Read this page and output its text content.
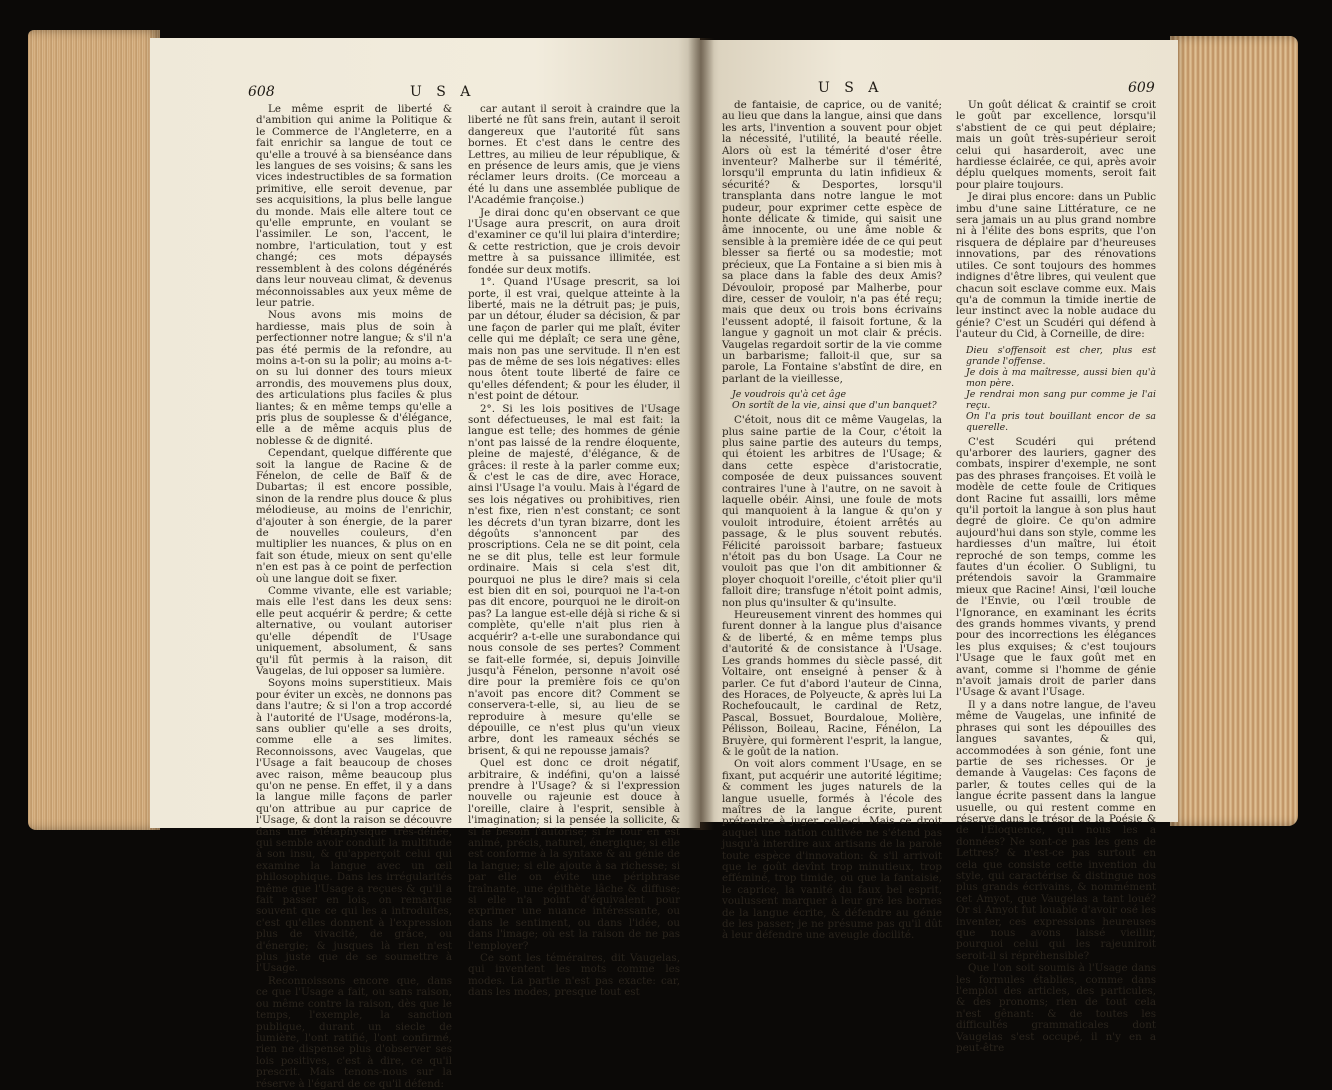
608	U S A

Le même esprit de liberté & d'ambition qui anime la Politique & le Commerce de l'Angleterre, en a fait enrichir sa langue de tout ce qu'elle a trouvé à sa bienséance dans les langues de ses voisins; & sans les vices indestructibles de sa formation primitive, elle seroit devenue, par ses acquisitions, la plus belle langue du monde. Mais elle altere tout ce qu'elle emprunte, en voulant se l'assimiler. Le son, l'accent, le nombre, l'articulation, tout y est changé; ces mots dépaysés ressemblent à des colons dégénérés dans leur nouveau climat, & devenus méconnoissables aux yeux même de leur patrie.

Nous avons mis moins de hardiesse, mais plus de soin à perfectionner notre langue; & s'il n'a pas été permis de la refondre, au moins a-t-on su la polir; au moins a-t-on su lui donner des tours mieux arrondis, des mouvemens plus doux, des articulations plus faciles & plus liantes; & en même temps qu'elle a pris plus de souplesse & d'élégance, elle a de même acquis plus de noblesse & de dignité.

Cependant, quelque différente que soit la langue de Racine & de Fénelon, de celle de Baïf & de Dubartas; il est encore possible, sinon de la rendre plus douce & plus mélodieuse, au moins de l'enrichir, d'ajouter à son énergie, de la parer de nouvelles couleurs, d'en multiplier les nuances, & plus on en fait son étude, mieux on sent qu'elle n'en est pas à ce point de perfection où une langue doit se fixer.

Comme vivante, elle est variable; mais elle l'est dans les deux sens: elle peut acquérir & perdre; & cette alternative, ou voulant autoriser qu'elle dépendît de l'Usage uniquement, absolument, & sans qu'il fût permis à la raison, dit Vaugelas, de lui opposer sa lumière.

Soyons moins superstitieux. Mais pour éviter un excès, ne donnons pas dans l'autre; & si l'on a trop accordé à l'autorité de l'Usage, modérons-la, sans oublier qu'elle a ses droits, comme elle a ses limites. Reconnoissons, avec Vaugelas, que l'Usage a fait beaucoup de choses avec raison, même beaucoup plus qu'on ne pense. En effet, il y a dans la langue mille façons de parler qu'on attribue au pur caprice de l'Usage, & dont la raison se découvre dans une Métaphysique très-déliée, qui semble avoir conduit la multitude à son insu, & qu'apperçoit celui qui examine la langue avec un œil philosophique. Dans les irrégularités même que l'Usage a reçues & qu'il a fait passer en lois, on remarque souvent que ce qui les a introduites, c'est qu'elles donnent à l'expression plus de vivacité, de grâce, ou d'énergie; & jusques là rien n'est plus juste que de se soumettre à l'Usage.

Reconnoissons encore que, dans ce que l'Usage a fait, ou sans raison, ou même contre la raison, dès que le temps, l'exemple, la sanction publique, durant un siecle de lumière, l'ont ratifié, l'ont confirmé, rien ne dispense plus d'observer ses lois positives, c'est à dire, ce qu'il prescrit. Mais tenons-nous sur la réserve à l'égard de ce qu'il défend:

car autant il seroit à craindre que la liberté ne fût sans frein, autant il seroit dangereux que l'autorité fût sans bornes. Et c'est dans le centre des Lettres, au milieu de leur république, & en présence de leurs amis, que je viens réclamer leurs droits. (Ce morceau a été lu dans une assemblée publique de l'Académie françoise.)

Je dirai donc qu'en observant ce que l'Usage aura prescrit, on aura droit d'examiner ce qu'il lui plaira d'interdire; & cette restriction, que je crois devoir mettre à sa puissance illimitée, est fondée sur deux motifs.

1°. Quand l'Usage prescrit, sa loi porte, il est vrai, quelque atteinte à la liberté, mais ne la détruit pas; je puis, par un détour, éluder sa décision, & par une façon de parler qui me plaît, éviter celle qui me déplaît; ce sera une gêne, mais non pas une servitude. Il n'en est pas de même de ses lois négatives: elles nous ôtent toute liberté de faire ce qu'elles défendent; & pour les éluder, il n'est point de détour.

2°. Si les lois positives de l'Usage sont défectueuses, le mal est fait: la langue est telle; des hommes de génie n'ont pas laissé de la rendre éloquente, pleine de majesté, d'élégance, & de grâces: il reste à la parler comme eux; & c'est le cas de dire, avec Horace, ainsi l'Usage l'a voulu. Mais à l'égard de ses lois négatives ou prohibitives, rien n'est fixe, rien n'est constant; ce sont les décrets d'un tyran bizarre, dont les dégoûts s'annoncent par des proscriptions. Cela ne se dit point, cela ne se dit plus, telle est leur formule ordinaire. Mais si cela s'est dit, pourquoi ne plus le dire? mais si cela est bien dit en soi, pourquoi ne l'a-t-on pas dit encore, pourquoi ne le diroit-on pas? La langue est-elle déjà si riche & si complète, qu'elle n'ait plus rien à acquérir? a-t-elle une surabondance qui nous console de ses pertes? Comment se fait-elle formée, si, depuis Joinville jusqu'à Fénelon, personne n'avoit osé dire pour la première fois ce qu'on n'avoit pas encore dit? Comment se conservera-t-elle, si, au lieu de se reproduire à mesure qu'elle se dépouille, ce n'est plus qu'un vieux arbre, dont les rameaux séchés se brisent, & qui ne repousse jamais?

Quel est donc ce droit négatif, arbitraire, & indéfini, qu'on a laissé prendre à l'Usage? & si l'expression nouvelle ou rajeunie est douce à l'oreille, claire à l'esprit, sensible à l'imagination; si la pensée la sollicite, & si le besoin l'autorise; si le tour en est animé, précis, naturel, énergique; si elle est conforme à la syntaxe & au génie de la langue; si elle ajoute à sa richesse; si par elle on évite une périphrase traînante, une épithète lâche & diffuse; si elle n'a point d'équivalent pour exprimer une nuance intéressante, ou dans le sentiment, ou dans l'idée, ou dans l'image; où est la raison de ne pas l'employer?

Ce sont les téméraires, dit Vaugelas, qui inventent les mots comme les modes. La partie n'est pas exacte: car, dans les modes, presque tout est

U S A	609

de fantaisie, de caprice, ou de vanité; au lieu que dans la langue, ainsi que dans les arts, l'invention a souvent pour objet la nécessité, l'utilité, la beauté réelle. Alors où est la témérité d'oser être inventeur? Malherbe sur il témérité, lorsqu'il emprunta du latin infidieux & sécurité? & Desportes, lorsqu'il transplanta dans notre langue le mot pudeur, pour exprimer cette espèce de honte délicate & timide, qui saisit une âme innocente, ou une âme noble & sensible à la première idée de ce qui peut blesser sa fierté ou sa modestie; mot précieux, que La Fontaine a si bien mis à sa place dans la fable des deux Amis? Dévouloir, proposé par Malherbe, pour dire, cesser de vouloir, n'a pas été reçu; mais que deux ou trois bons écrivains l'eussent adopté, il faisoit fortune, & la langue y gagnoit un mot clair & précis. Vaugelas regardoit sortir de la vie comme un barbarisme; falloit-il que, sur sa parole, La Fontaine s'abstînt de dire, en parlant de la vieillesse,

Je voudrois qu'à cet âge

On sortît de la vie, ainsi que d'un banquet?

C'étoit, nous dit ce même Vaugelas, la plus saine partie de la Cour, c'étoit la plus saine partie des auteurs du temps, qui étoient les arbitres de l'Usage; & dans cette espèce d'aristocratie, composée de deux puissances souvent contraires l'une à l'autre, on ne savoit à laquelle obéir. Ainsi, une foule de mots qui manquoient à la langue & qu'on y vouloit introduire, étoient arrêtés au passage, & le plus souvent rebutés. Félicité paroissoit barbare; fastueux n'étoit pas du bon Usage. La Cour ne vouloit pas que l'on dit ambitionner & ployer choquoit l'oreille, c'étoit plier qu'il falloit dire; transfuge n'étoit point admis, non plus qu'insulter & qu'insulte.

Heureusement vinrent des hommes qui furent donner à la langue plus d'aisance & de liberté, & en même temps plus d'autorité & de consistance à l'Usage. Les grands hommes du siècle passé, dit Voltaire, ont enseigné à penser & à parler. Ce fut d'abord l'auteur de Cinna, des Horaces, de Polyeucte, & après lui La Rochefoucault, le cardinal de Retz, Pascal, Bossuet, Bourdaloue, Molière, Pélisson, Boileau, Racine, Fénélon, La Bruyère, qui formèrent l'esprit, la langue, & le goût de la nation.

On voit alors comment l'Usage, en se fixant, put acquérir une autorité légitime; & comment les juges naturels de la langue usuelle, formés à l'école des maîtres de la langue écrite, purent prétendre à juger celle-ci. Mais ce droit auquel une nation cultivée ne s'étend pas jusqu'à interdire aux artisans de la parole toute espèce d'innovation: & s'il arrivoit que le goût devînt trop minutieux, trop efféminé, trop timide, ou que la fantaisie, le caprice, la vanité du faux bel esprit, voulussent marquer à leur gré les bornes de la langue écrite, & défendre au génie de les passer; je ne présume pas qu'il dût à leur défendre une aveugle docilité.

Un goût délicat & craintif se croit le goût par excellence, lorsqu'il s'abstient de ce qui peut déplaire; mais un goût très-supérieur seroit celui qui hasarderoit, avec une hardiesse éclairée, ce qui, après avoir déplu quelques moments, seroit fait pour plaire toujours.

Je dirai plus encore: dans un Public imbu d'une saine Littérature, ce ne sera jamais un au plus grand nombre ni à l'élite des bons esprits, que l'on risquera de déplaire par d'heureuses innovations, par des rénovations utiles. Ce sont toujours des hommes indignes d'être libres, qui veulent que chacun soit esclave comme eux. Mais qu'a de commun la timide inertie de leur instinct avec la noble audace du génie? C'est un Scudéri qui défend à l'auteur du Cid, à Corneille, de dire:

Dieu s'offensoit est cher, plus est grande l'offense.

Je dois à ma maîtresse, aussi bien qu'à mon père.

Je rendrai mon sang pur comme je l'ai reçu.

On l'a pris tout bouillant encor de sa querelle.

C'est Scudéri qui prétend qu'arborer des lauriers, gagner des combats, inspirer d'exemple, ne sont pas des phrases françoises. Et voilà le modèle de cette foule de Critiques dont Racine fut assailli, lors même qu'il portoit la langue à son plus haut degré de gloire. Ce qu'on admire aujourd'hui dans son style, comme les hardiesses d'un maître, lui étoit reproché de son temps, comme les fautes d'un écolier. O Subligni, tu prétendois savoir la Grammaire mieux que Racine! Ainsi, l'œil louche de l'Envie, ou l'œil trouble de l'Ignorance, en examinant les écrits des grands hommes vivants, y prend pour des incorrections les élégances les plus exquises; & c'est toujours l'Usage que le faux goût met en avant, comme si l'homme de génie n'avoit jamais droit de parler dans l'Usage & avant l'Usage.

Il y a dans notre langue, de l'aveu même de Vaugelas, une infinité de phrases qui sont les dépouilles des langues savantes, & qui, accommodées à son génie, font une partie de ses richesses. Or je demande à Vaugelas: Ces façons de parler, & toutes celles qui de la langue écrite passent dans la langue usuelle, ou qui restent comme en réserve dans le trésor de la Poésie & de l'Éloquence, qui nous les a données? Ne sont-ce pas les gens de Lettres? & n'est-ce pas surtout en cela que consiste cette invention du style, qui caractérise & distingue nos plus grands écrivains, & nommément cet Amyot, que Vaugelas a tant loué? Or si Amyot fut louable d'avoir osé les inventer, ces expressions heureuses que nous avons laissé vieillir, pourquoi celui qui les rajeuniroit seroit-il si répréhensible?

Que l'on soit soumis à l'Usage dans les formules établies, comme dans l'emploi des articles, des particules, & des pronoms; rien de tout cela n'est gênant: & de toutes les difficultés grammaticales dont Vaugelas s'est occupé, il n'y en a peut-être
